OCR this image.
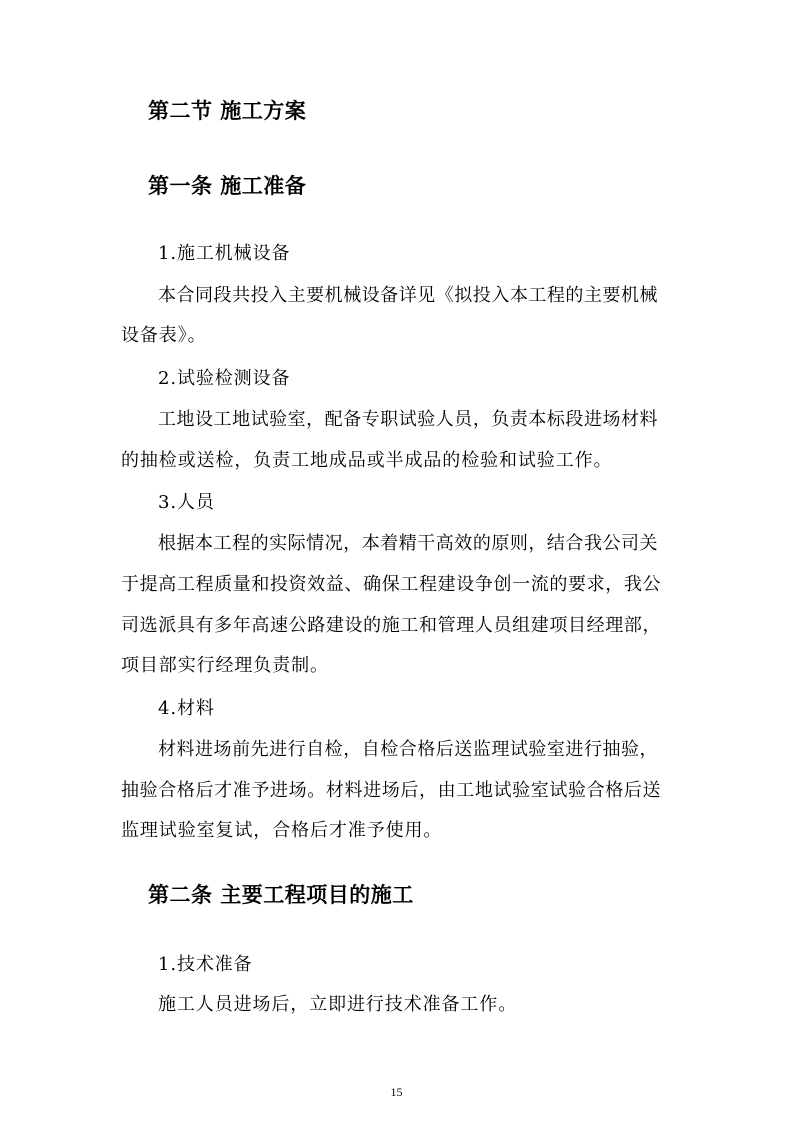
第二节 施工方案
第一条 施工准备
1.施工机械设备
本合同段共投入主要机械设备详见《拟投入本工程的主要机械
设备表》。
2.试验检测设备
工地设工地试验室，配备专职试验人员，负责本标段进场材料
的抽检或送检，负责工地成品或半成品的检验和试验工作。
3.人员
根据本工程的实际情况，本着精干高效的原则，结合我公司关
于提高工程质量和投资效益、确保工程建设争创一流的要求，我公
司选派具有多年高速公路建设的施工和管理人员组建项目经理部，
项目部实行经理负责制。
4.材料
材料进场前先进行自检，自检合格后送监理试验室进行抽验，
抽验合格后才准予进场。材料进场后，由工地试验室试验合格后送
监理试验室复试，合格后才准予使用。
第二条 主要工程项目的施工
1.技术准备
施工人员进场后，立即进行技术准备工作。
15
